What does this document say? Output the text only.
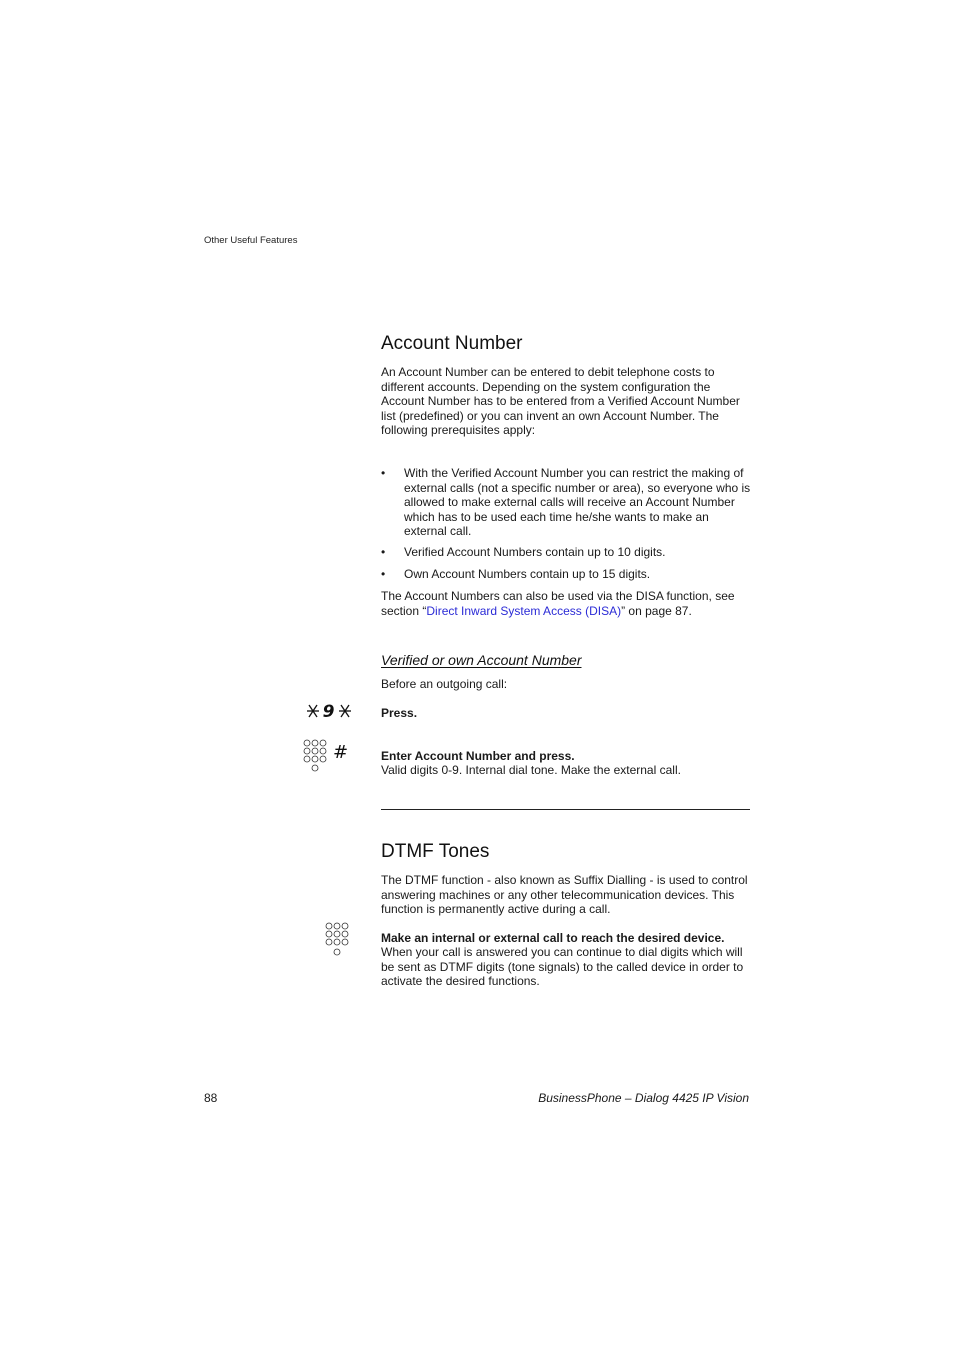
Other Useful Features
Account Number

An Account Number can be entered to debit telephone costs to different accounts. Depending on the system configuration the Account Number has to be entered from a Verified Account Number list (predefined) or you can invent an own Account Number. The following prerequisites apply:

•	With the Verified Account Number you can restrict the making of external calls (not a specific number or area), so everyone who is allowed to make external calls will receive an Account Number which has to be used each time he/she wants to make an external call.
•	Verified Account Numbers contain up to 10 digits.
•	Own Account Numbers contain up to 15 digits.

The Account Numbers can also be used via the DISA function, see section “Direct Inward System Access (DISA)” on page 87.

Verified or own Account Number
Before an outgoing call:
9	Press.
#	Enter Account Number and press.
Valid digits 0-9. Internal dial tone. Make the external call.
DTMF Tones

The DTMF function - also known as Suffix Dialling - is used to control answering machines or any other telecommunication devices. This function is permanently active during a call.

Make an internal or external call to reach the desired device.

When your call is answered you can continue to dial digits which will be sent as DTMF digits (tone signals) to the called device in order to activate the desired functions.

88	BusinessPhone – Dialog 4425 IP Vision
